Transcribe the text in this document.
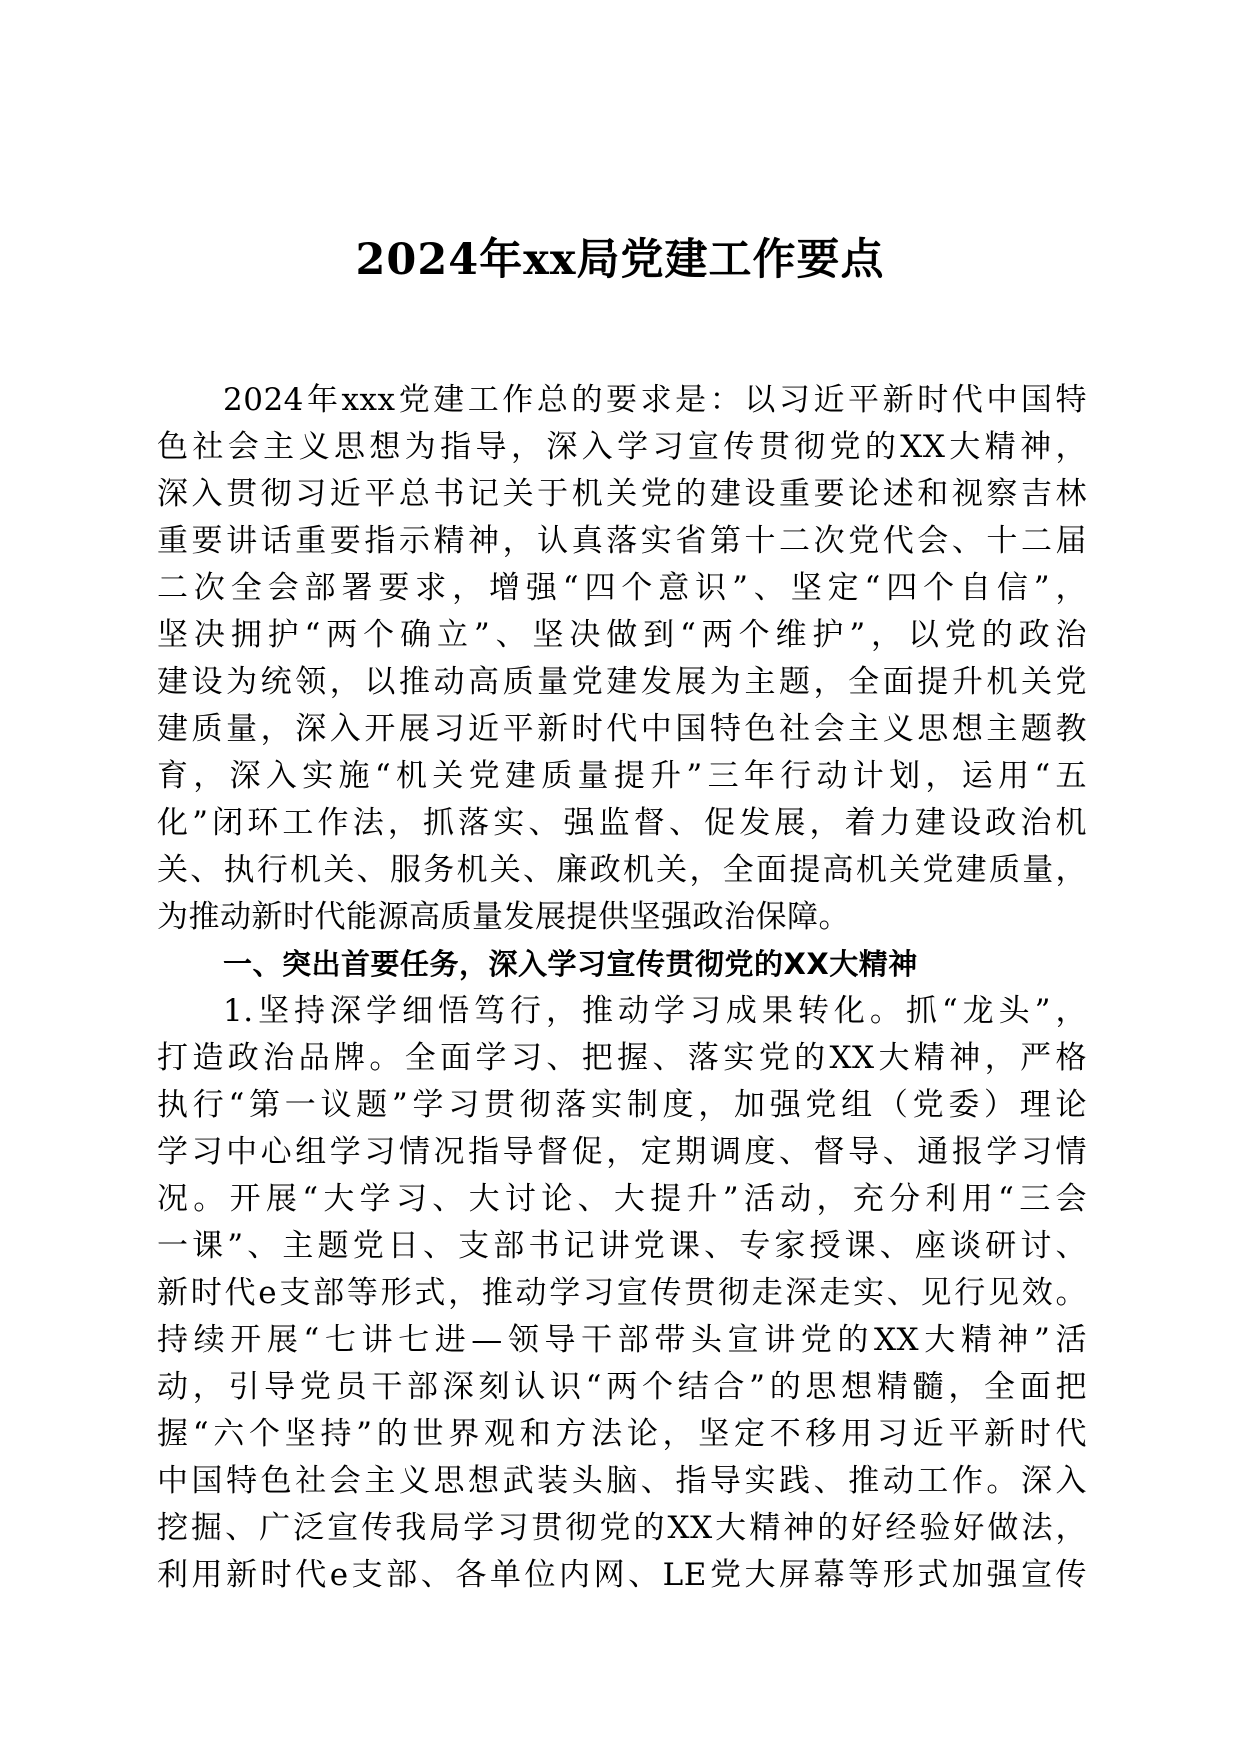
2024年xx局党建工作要点
2024年xxx党建工作总的要求是：以习近平新时代中国特
色社会主义思想为指导，深入学习宣传贯彻党的XX大精神，
深入贯彻习近平总书记关于机关党的建设重要论述和视察吉林
重要讲话重要指示精神，认真落实省第十二次党代会、十二届
二次全会部署要求，增强“四个意识”、坚定“四个自信”，
坚决拥护“两个确立”、坚决做到“两个维护”，以党的政治
建设为统领，以推动高质量党建发展为主题，全面提升机关党
建质量，深入开展习近平新时代中国特色社会主义思想主题教
育，深入实施“机关党建质量提升”三年行动计划，运用“五
化”闭环工作法，抓落实、强监督、促发展，着力建设政治机
关、执行机关、服务机关、廉政机关，全面提高机关党建质量，
为推动新时代能源高质量发展提供坚强政治保障。
一、突出首要任务，深入学习宣传贯彻党的XX大精神
1.坚持深学细悟笃行，推动学习成果转化。抓“龙头”，
打造政治品牌。全面学习、把握、落实党的XX大精神，严格
执行“第一议题”学习贯彻落实制度，加强党组（党委）理论
学习中心组学习情况指导督促，定期调度、督导、通报学习情
况。开展“大学习、大讨论、大提升”活动，充分利用“三会
一课”、主题党日、支部书记讲党课、专家授课、座谈研讨、
新时代e支部等形式，推动学习宣传贯彻走深走实、见行见效。
持续开展“七讲七进—领导干部带头宣讲党的XX大精神”活
动，引导党员干部深刻认识“两个结合”的思想精髓，全面把
握“六个坚持”的世界观和方法论，坚定不移用习近平新时代
中国特色社会主义思想武装头脑、指导实践、推动工作。深入
挖掘、广泛宣传我局学习贯彻党的XX大精神的好经验好做法，
利用新时代e支部、各单位内网、LE党大屏幕等形式加强宣传
